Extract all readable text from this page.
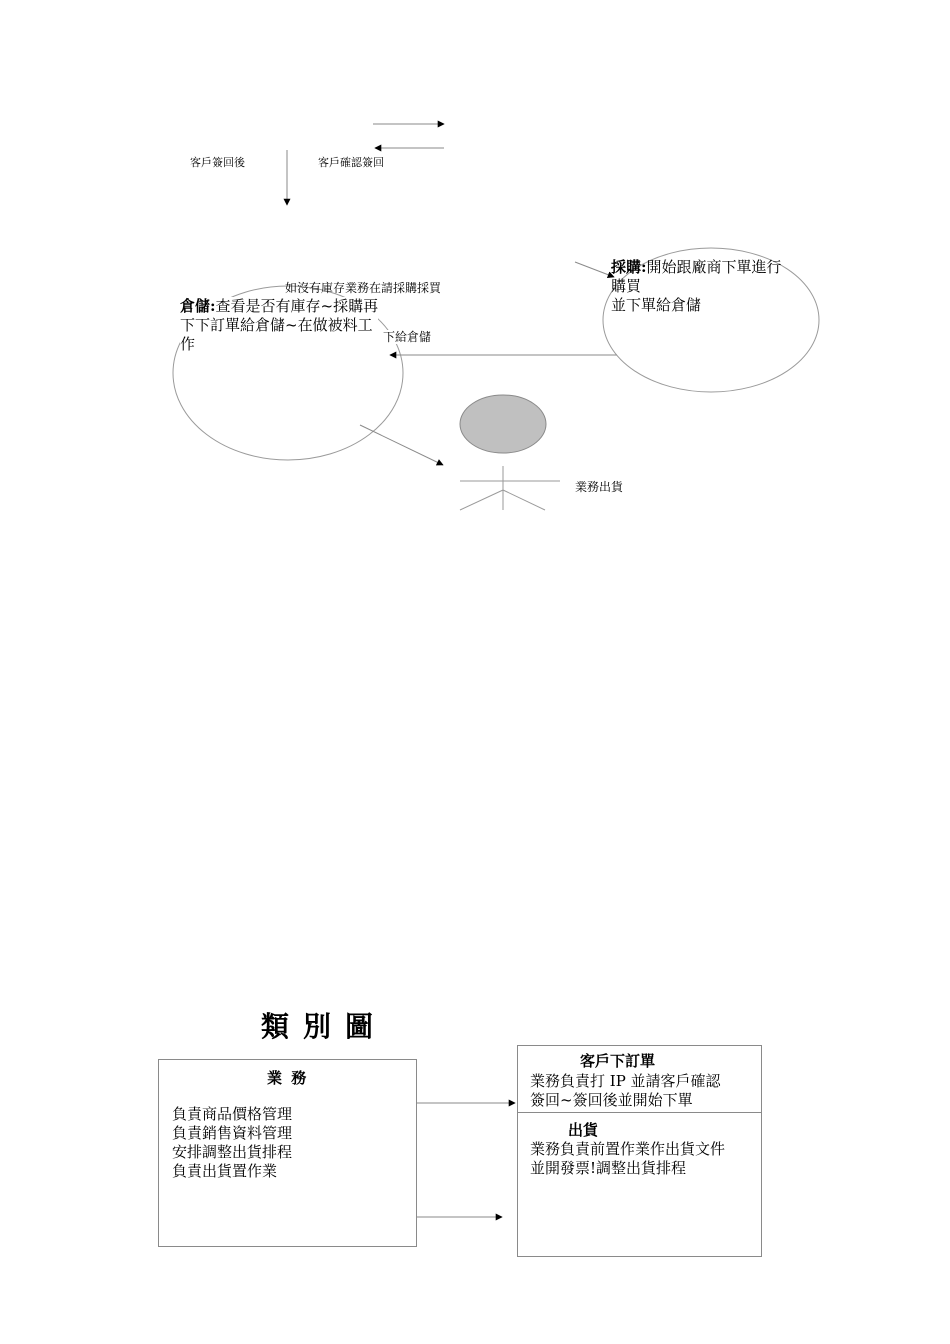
客戶簽回後	客戶確認簽回
如沒有庫存業務在請採購採買
下給倉儲
業務出貨
倉儲:查看是否有庫存~採購再
下下訂單給倉儲~在做被料工
作
採購:開始跟廠商下單進行
購買
並下單給倉儲
類別圖
業 務
負責商品價格管理
負責銷售資料管理
安排調整出貨排程
負責出貨置作業
客戶下訂單
業務負責打 IP 並請客戶確認
簽回~簽回後並開始下單
出貨
業務負責前置作業作出貨文件
並開發票!調整出貨排程
